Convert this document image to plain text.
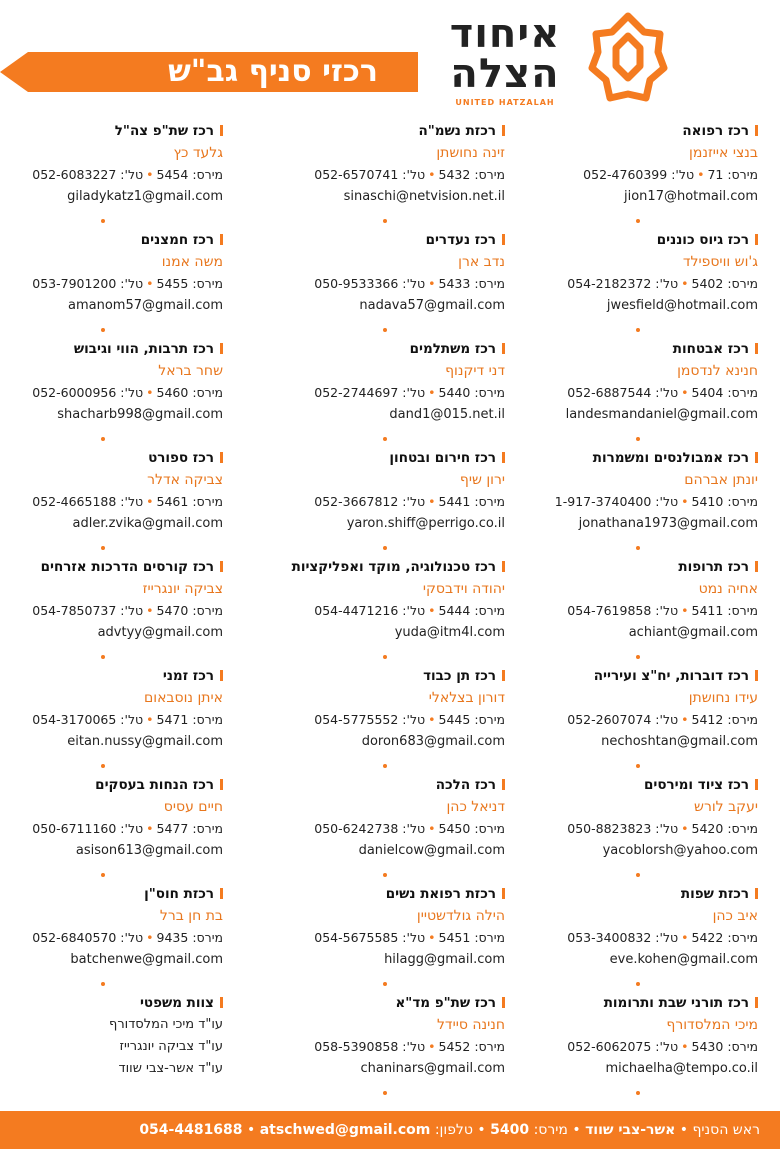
רכזי סניף גב"ש
איחוד
הצלה
UNITED HATZALAH
רכז רפואה
בנצי אייזנמן
מירס: 71•טל': 052-4760399
jion17@hotmail.com
רכז גיוס כוננים
ג'וש וויספילד
מירס: 5402•טל': 054-2182372
jwesfield@hotmail.com
רכז אבטחות
חנינא לנדסמן
מירס: 5404•טל': 052-6887544
landesmandaniel@gmail.com
רכז אמבולנסים ומשמרות
יונתן אברהם
מירס: 5410•טל': 1-917-3740400
jonathana1973@gmail.com
רכז תרופות
אחיה נמט
מירס: 5411•טל': 054-7619858
achiant@gmail.com
רכז דוברות, יח"צ ועירייה
עידו נחושתן
מירס: 5412•טל': 052-2607074
nechoshtan@gmail.com
רכז ציוד ומירסים
יעקב לורש
מירס: 5420•טל': 050-8823823
yacoblorsh@yahoo.com
רכזת שפות
איב כהן
מירס: 5422•טל': 053-3400832
eve.kohen@gmail.com
רכז תורני שבת ותרומות
מיכי המלסדורף
מירס: 5430•טל': 052-6062075
michaelha@tempo.co.il
רכזת נשמ"ה
זינה נחושתן
מירס: 5432•טל': 052-6570741
sinaschi@netvision.net.il
רכז נעדרים
נדב ארן
מירס: 5433•טל': 050-9533366
nadava57@gmail.com
רכז משתלמים
דני דיקנוף
מירס: 5440•טל': 052-2744697
dand1@015.net.il
רכז חירום ובטחון
ירון שיף
מירס: 5441•טל': 052-3667812
yaron.shiff@perrigo.co.il
רכז טכנולוגיה, מוקד ואפליקציות
יהודה וידבסקי
מירס: 5444•טל': 054-4471216
yuda@itm4l.com
רכז תן כבוד
דורון בצלאלי
מירס: 5445•טל': 054-5775552
doron683@gmail.com
רכז הלכה
דניאל כהן
מירס: 5450•טל': 050-6242738
danielcow@gmail.com
רכזת רפואת נשים
הילה גולדשטיין
מירס: 5451•טל': 054-5675585
hilagg@gmail.com
רכז שת"פ מד"א
חנינה סיידל
מירס: 5452•טל': 058-5390858
chaninars@gmail.com
רכז שת"פ צה"ל
גלעד כץ
מירס: 5454•טל': 052-6083227
giladykatz1@gmail.com
רכז חמצנים
משה אמנו
מירס: 5455•טל': 053-7901200
amanom57@gmail.com
רכז תרבות, הווי וגיבוש
שחר בראל
מירס: 5460•טל': 052-6000956
shacharb998@gmail.com
רכז ספורט
צביקה אדלר
מירס: 5461•טל': 052-4665188
adler.zvika@gmail.com
רכז קורסים הדרכות אזרחים
צביקה יונגרייז
מירס: 5470•טל': 054-7850737
advtyy@gmail.com
רכז זמני
איתן נוסבאום
מירס: 5471•טל': 054-3170065
eitan.nussy@gmail.com
רכז הנחות בעסקים
חיים עסיס
מירס: 5477•טל': 050-6711160
asison613@gmail.com
רכזת חוס"ן
בת חן ברל
מירס: 9435•טל': 052-6840570
batchenwe@gmail.com
צוות משפטי
עו"ד מיכי המלסדורף
עו"ד צביקה יונגרייז
עו"ד אשר-צבי שווד
ראש הסניף • אשר-צבי שווד • מירס: 5400 • טלפון: 054-4481688 • atschwed@gmail.com
